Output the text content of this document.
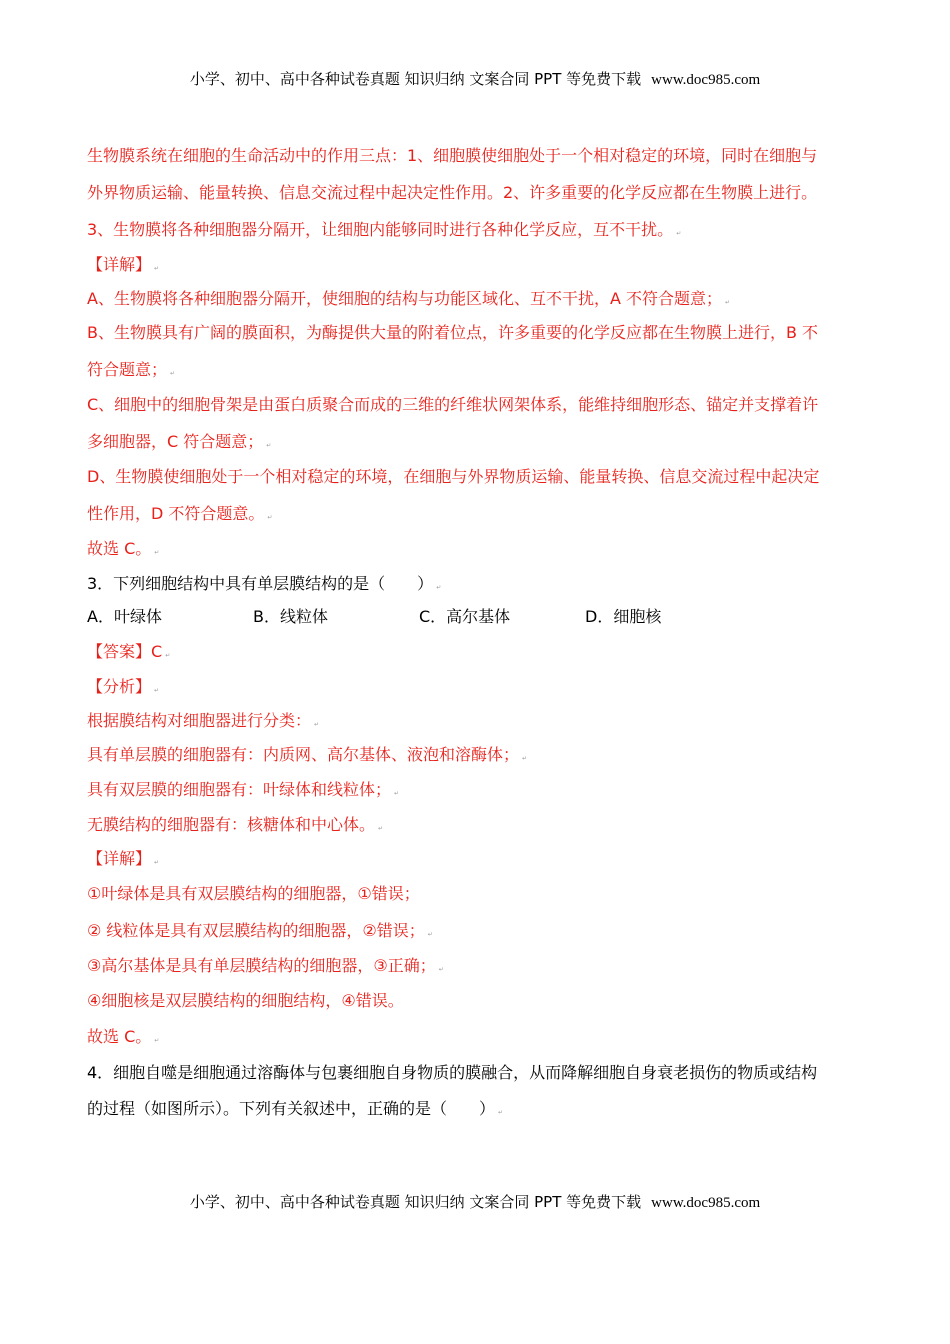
小学、初中、高中各种试卷真题 知识归纳 文案合同 PPT 等免费下载 www.doc985.com
生物膜系统在细胞的生命活动中的作用三点：1、细胞膜使细胞处于一个相对稳定的环境，同时在细胞与
外界物质运输、能量转换、信息交流过程中起决定性作用。2、许多重要的化学反应都在生物膜上进行。
3、生物膜将各种细胞器分隔开，让细胞内能够同时进行各种化学反应，互不干扰。 ↵
【详解】 ↵
A、生物膜将各种细胞器分隔开，使细胞的结构与功能区域化、互不干扰，A 不符合题意； ↵
B、生物膜具有广阔的膜面积，为酶提供大量的附着位点，许多重要的化学反应都在生物膜上进行，B 不
符合题意； ↵
C、细胞中的细胞骨架是由蛋白质聚合而成的三维的纤维状网架体系，能维持细胞形态、锚定并支撑着许
多细胞器，C 符合题意； ↵
D、生物膜使细胞处于一个相对稳定的环境，在细胞与外界物质运输、能量转换、信息交流过程中起决定
性作用，D 不符合题意。 ↵
故选 C。 ↵
3．下列细胞结构中具有单层膜结构的是（　　） ↵
A．叶绿体	B．线粒体	C．高尔基体	D．细胞核
【答案】C ↵
【分析】 ↵
根据膜结构对细胞器进行分类： ↵
具有单层膜的细胞器有：内质网、高尔基体、液泡和溶酶体； ↵
具有双层膜的细胞器有：叶绿体和线粒体； ↵
无膜结构的细胞器有：核糖体和中心体。 ↵
【详解】 ↵
①叶绿体是具有双层膜结构的细胞器，①错误；
② 线粒体是具有双层膜结构的细胞器，②错误； ↵
③高尔基体是具有单层膜结构的细胞器，③正确； ↵
④细胞核是双层膜结构的细胞结构，④错误。
故选 C。 ↵
4．细胞自噬是细胞通过溶酶体与包裹细胞自身物质的膜融合，从而降解细胞自身衰老损伤的物质或结构
的过程（如图所示）。下列有关叙述中，正确的是（　　） ↵
小学、初中、高中各种试卷真题 知识归纳 文案合同 PPT 等免费下载 www.doc985.com
